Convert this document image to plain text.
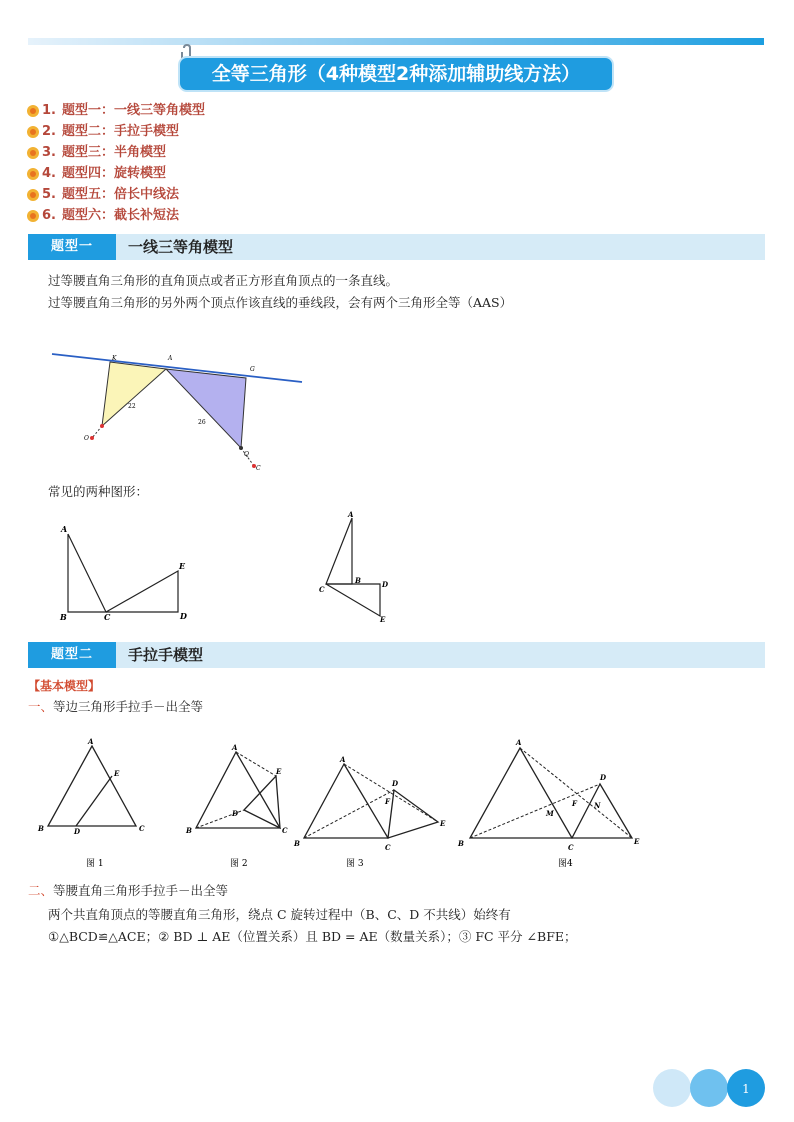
全等三角形（4种模型2种添加辅助线方法）
1. 题型一：一线三等角模型
2. 题型二：手拉手模型
3. 题型三：半角模型
4. 题型四：旋转模型
5. 题型五：倍长中线法
6. 题型六：截长补短法
题型一	一线三等角模型
过等腰直角三角形的直角顶点或者正方形直角顶点的一条直线。
过等腰直角三角形的另外两个顶点作该直线的垂线段，会有两个三角形全等（AAS）
K	A
G
22
26
O
Q
C
常见的两种图形：
A
B	C
E
D
A
B
C
D
E
题型二	手拉手模型
【基本模型】
一、等边三角形手拉手－出全等
A
B	D	C
E
图 1
A
B
D
C
E
图 2
A
B	C
D
F
E
图 3
A
B	C
D
E
M
F N
图4
二、等腰直角三角形手拉手－出全等
两个共直角顶点的等腰直角三角形，绕点 C 旋转过程中（B、C、D 不共线）始终有
①△BCD≌△ACE；② BD ⊥ AE（位置关系）且 BD = AE（数量关系）；③ FC 平分 ∠BFE；
1
